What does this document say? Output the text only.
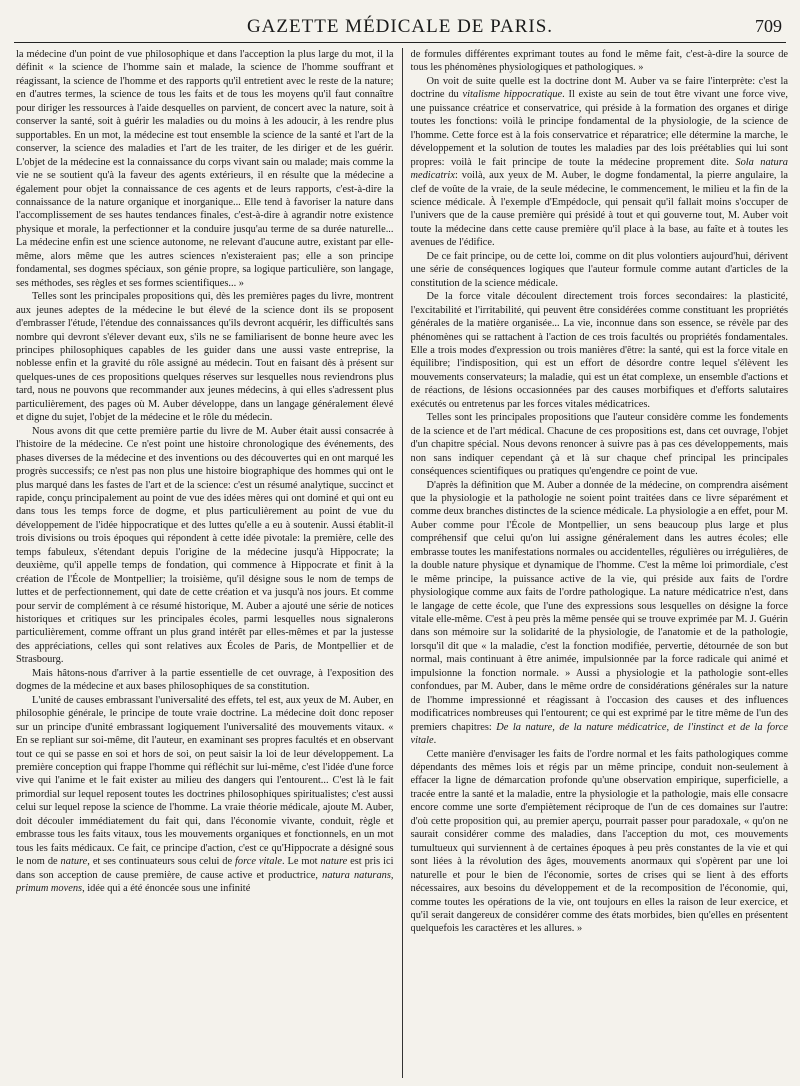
GAZETTE MÉDICALE DE PARIS.	709

la médecine d'un point de vue philosophique et dans l'acception la plus large du mot, il la définit « la science de l'homme sain et malade, la science de l'homme souffrant et réagissant, la science de l'homme et des rapports qu'il entretient avec le reste de la nature; en d'autres termes, la science de tous les faits et de tous les moyens qu'il faut connaître pour diriger les ressources à l'aide desquelles on parvient, de concert avec la nature, soit à conserver la santé, soit à guérir les maladies ou du moins à les adoucir, à les rendre plus supportables. En un mot, la médecine est tout ensemble la science de la santé et l'art de la conserver, la science des maladies et l'art de les traiter, de les diriger et de les guérir. L'objet de la médecine est la connaissance du corps vivant sain ou malade; mais comme la vie ne se soutient qu'à la faveur des agents extérieurs, il en résulte que la médecine a également pour objet la connaissance de ces agents et de leurs rapports, c'est-à-dire la connaissance de la nature organique et inorganique... Elle tend à favoriser la nature dans l'accomplissement de ses hautes tendances finales, c'est-à-dire à agrandir notre existence physique et morale, la perfectionner et la conduire jusqu'au terme de sa durée naturelle... La médecine enfin est une science autonome, ne relevant d'aucune autre, existant par elle-même, alors même que les autres sciences n'existeraient pas; elle a son principe fondamental, ses dogmes spéciaux, son génie propre, sa logique particulière, son langage, ses méthodes, ses règles et ses formes scientifiques... »

Telles sont les principales propositions qui, dès les premières pages du livre, montrent aux jeunes adeptes de la médecine le but élevé de la science dont ils se proposent d'embrasser l'étude, l'étendue des connaissances qu'ils devront acquérir, les difficultés sans nombre qui devront s'élever devant eux, s'ils ne se familiarisent de bonne heure avec les principes philosophiques capables de les guider dans une aussi vaste entreprise, la noblesse enfin et la gravité du rôle assigné au médecin. Tout en faisant dès à présent sur quelques-unes de ces propositions quelques réserves sur lesquelles nous reviendrons plus tard, nous ne pouvons que recommander aux jeunes médecins, à qui elles s'adressent plus particulièrement, des pages où M. Auber développe, dans un langage généralement élevé et digne du sujet, l'objet de la médecine et le rôle du médecin.

Nous avons dit que cette première partie du livre de M. Auber était aussi consacrée à l'histoire de la médecine. Ce n'est point une histoire chronologique des événements, des phases diverses de la médecine et des inventions ou des découvertes qui en ont marqué les progrès successifs; ce n'est pas non plus une histoire biographique des hommes qui ont le plus marqué dans les fastes de l'art et de la science: c'est un résumé analytique, succinct et rapide, conçu principalement au point de vue des idées mères qui ont dominé et qui ont eu dans tous les temps force de dogme, et plus particulièrement au point de vue du développement de l'idée hippocratique et des luttes qu'elle a eu à soutenir. Aussi établit-il trois divisions ou trois époques qui répondent à cette idée pivotale: la première, celle des temps fabuleux, s'étendant depuis l'origine de la médecine jusqu'à Hippocrate; la deuxième, qu'il appelle temps de fondation, qui commence à Hippocrate et finit à la création de l'École de Montpellier; la troisième, qu'il désigne sous le nom de temps de luttes et de perfectionnement, qui date de cette création et va jusqu'à nos jours. Et comme pour servir de complément à ce résumé historique, M. Auber a ajouté une série de notices historiques et critiques sur les principales écoles, parmi lesquelles nous signalerons particulièrement, comme offrant un plus grand intérêt par elles-mêmes et par la justesse des appréciations, celles qui sont relatives aux Écoles de Paris, de Montpellier et de Strasbourg.

Mais hâtons-nous d'arriver à la partie essentielle de cet ouvrage, à l'exposition des dogmes de la médecine et aux bases philosophiques de sa constitution.

L'unité de causes embrassant l'universalité des effets, tel est, aux yeux de M. Auber, en philosophie générale, le principe de toute vraie doctrine. La médecine doit donc reposer sur un principe d'unité embrassant logiquement l'universalité des mouvements vitaux. « En se repliant sur soi-même, dit l'auteur, en examinant ses propres facultés et en observant tout ce qui se passe en soi et hors de soi, on peut saisir la loi de leur développement. La première conception qui frappe l'homme qui réfléchit sur lui-même, c'est l'idée d'une force vive qui l'anime et le fait exister au milieu des dangers qui l'entourent... C'est là le fait primordial sur lequel reposent toutes les doctrines philosophiques spiritualistes; c'est aussi celui sur lequel repose la science de l'homme. La vraie théorie médicale, ajoute M. Auber, doit découler immédiatement du fait qui, dans l'économie vivante, conduit, règle et embrasse tous les faits vitaux, tous les mouvements organiques et fonctionnels, en un mot tous les faits médicaux. Ce fait, ce principe d'action, c'est ce qu'Hippocrate a désigné sous le nom de nature, et ses continuateurs sous celui de force vitale. Le mot nature est pris ici dans son acception de cause première, de cause active et productrice, natura naturans, primum movens, idée qui a été énoncée sous une infinité

de formules différentes exprimant toutes au fond le même fait, c'est-à-dire la source de tous les phénomènes physiologiques et pathologiques. »

On voit de suite quelle est la doctrine dont M. Auber va se faire l'interprète: c'est la doctrine du vitalisme hippocratique. Il existe au sein de tout être vivant une force vive, une puissance créatrice et conservatrice, qui préside à la formation des organes et dirige toutes les fonctions: voilà le principe fondamental de la physiologie, de la science de l'homme. Cette force est à la fois conservatrice et réparatrice; elle détermine la marche, le développement et la solution de toutes les maladies par des lois préétablies qui lui sont propres: voilà le fait principe de toute la médecine proprement dite. Sola natura medicatrix: voilà, aux yeux de M. Auber, le dogme fondamental, la pierre angulaire, la clef de voûte de la vraie, de la seule médecine, le commencement, le milieu et la fin de la science médicale. À l'exemple d'Empédocle, qui pensait qu'il fallait moins s'occuper de l'univers que de la cause première qui présidé à tout et qui gouverne tout, M. Auber voit toute la médecine dans cette cause première qu'il place à la base, au faîte et à toutes les avenues de l'édifice.

De ce fait principe, ou de cette loi, comme on dit plus volontiers aujourd'hui, dérivent une série de conséquences logiques que l'auteur formule comme autant d'articles de la constitution de la science médicale.

De la force vitale découlent directement trois forces secondaires: la plasticité, l'excitabilité et l'irritabilité, qui peuvent être considérées comme constituant les propriétés générales de la matière organisée... La vie, inconnue dans son essence, se révèle par des phénomènes qui se rattachent à l'action de ces trois facultés ou propriétés fondamentales. Elle a trois modes d'expression ou trois manières d'être: la santé, qui est la force vitale en équilibre; l'indisposition, qui est un effort de désordre contre lequel s'élèvent les mouvements conservateurs; la maladie, qui est un état complexe, un ensemble d'actions et de réactions, de lésions occasionnées par des causes morbifiques et d'efforts salutaires exécutés ou entretenus par les forces vitales médicatrices.

Telles sont les principales propositions que l'auteur considère comme les fondements de la science et de l'art médical. Chacune de ces propositions est, dans cet ouvrage, l'objet d'un chapitre spécial. Nous devons renoncer à suivre pas à pas ces développements, mais non sans indiquer cependant çà et là sur chaque chef principal les principales conséquences scientifiques ou pratiques qu'engendre ce point de vue.

D'après la définition que M. Auber a donnée de la médecine, on comprendra aisément que la physiologie et la pathologie ne soient point traitées dans ce livre séparément et comme deux branches distinctes de la science médicale. La physiologie a en effet, pour M. Auber comme pour l'École de Montpellier, un sens beaucoup plus large et plus compréhensif que celui qu'on lui assigne généralement dans les autres écoles; elle embrasse toutes les manifestations normales ou accidentelles, régulières ou irrégulières, de la double nature physique et dynamique de l'homme. C'est la même loi primordiale, c'est le même principe, la puissance active de la vie, qui préside aux faits de l'ordre physiologique comme aux faits de l'ordre pathologique. La nature médicatrice n'est, dans le langage de cette école, que l'une des expressions sous lesquelles on désigne la force vitale elle-même. C'est à peu près la même pensée qui se trouve exprimée par M. J. Guérin dans son mémoire sur la solidarité de la physiologie, de l'anatomie et de la pathologie, lorsqu'il dit que « la maladie, c'est la fonction modifiée, pervertie, détournée de son but normal, mais continuant à être animée, impulsionnée par la force radicale qui animé et impulsionne la fonction normale. » Aussi a physiologie et la pathologie sont-elles confondues, par M. Auber, dans le même ordre de considérations générales sur la nature de l'homme impressionné et réagissant à l'occasion des causes et des influences modificatrices nombreuses qui l'entourent; ce qui est exprimé par le titre même de l'un des premiers chapitres: De la nature, de la nature médicatrice, de l'instinct et de la force vitale.

Cette manière d'envisager les faits de l'ordre normal et les faits pathologiques comme dépendants des mêmes lois et régis par un même principe, conduit non-seulement à effacer la ligne de démarcation profonde qu'une observation empirique, superficielle, a tracée entre la santé et la maladie, entre la physiologie et la pathologie, mais elle consacre encore comme une sorte d'empiètement réciproque de l'un de ces domaines sur l'autre: d'où cette proposition qui, au premier aperçu, pourrait passer pour paradoxale, « qu'on ne saurait considérer comme des maladies, dans l'acception du mot, ces mouvements tumultueux qui surviennent à de certaines époques à peu près constantes de la vie et qui sont liées à la révolution des âges, mouvements anormaux qui s'opèrent par une loi naturelle et pour le bien de l'économie, sortes de crises qui se lient à des efforts nécessaires, aux besoins du développement et de la recomposition de l'économie, qui, comme toutes les opérations de la vie, ont toujours en elles la raison de leur exercice, et qu'il serait dangereux de considérer comme des états morbides, bien qu'elles en présentent quelquefois les caractères et les allures. »
